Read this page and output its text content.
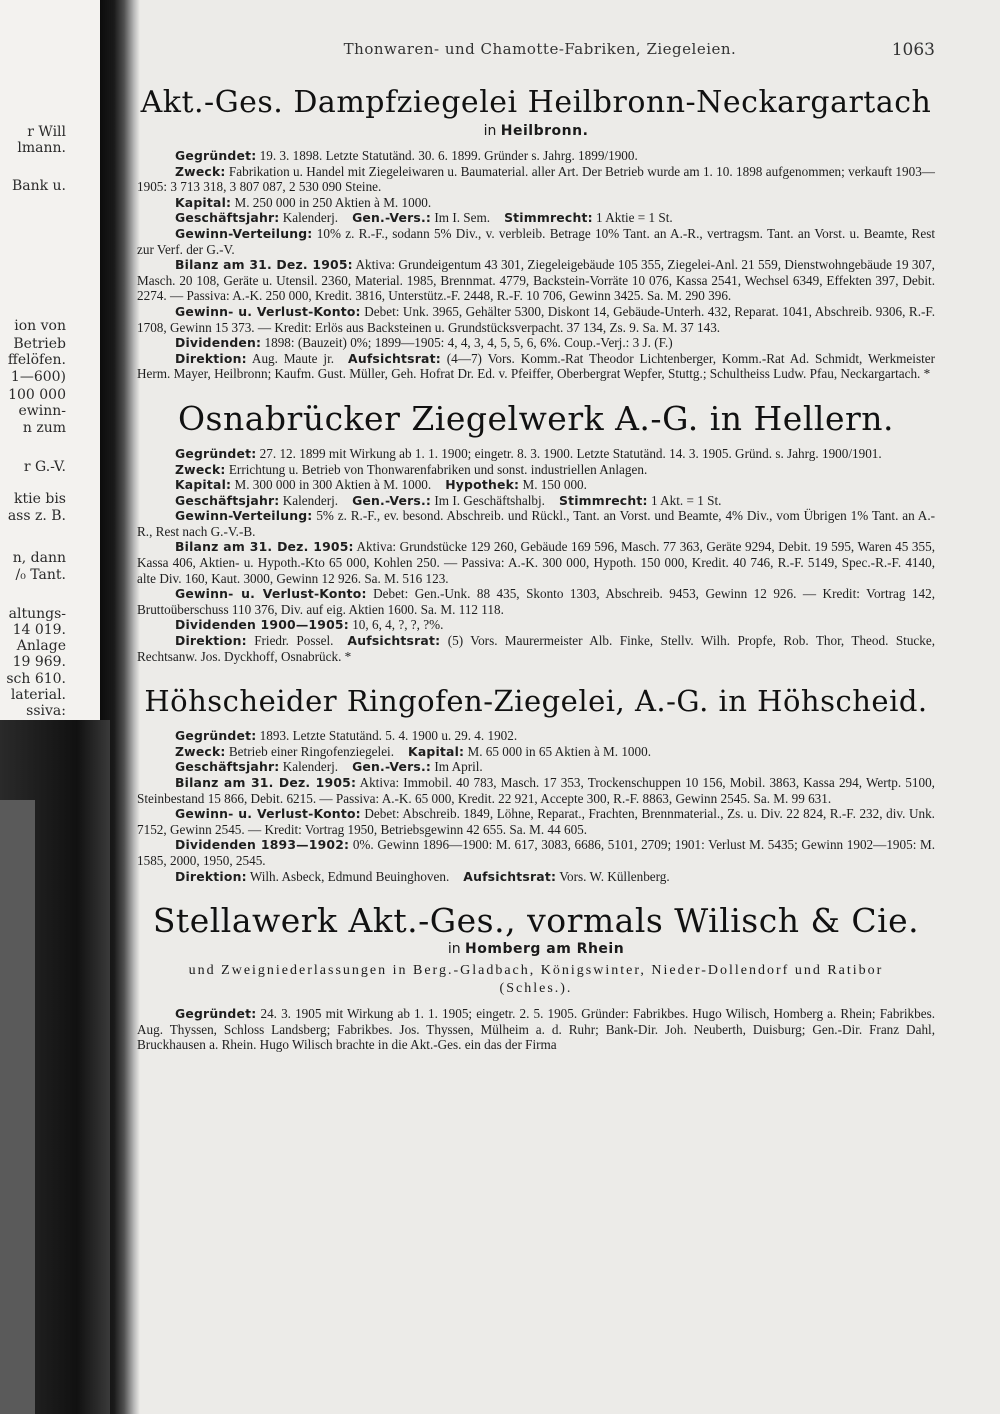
r Will
lmann.
Bank u.
ion von
Betrieb
ffelöfen.
1—600)
100 000
ewinn-
n zum
r G.-V.
ktie bis
ass z. B.
n, dann
/₀ Tant.
altungs-
14 019.
Anlage
19 969.
sch 610.
laterial.
ssiva:
Thonwaren- und Chamotte-Fabriken, Ziegeleien.	1063
Akt.-Ges. Dampfziegelei Heilbronn-Neckargartach
in Heilbronn.

Gegründet: 19. 3. 1898. Letzte Statutänd. 30. 6. 1899. Gründer s. Jahrg. 1899/1900.

Zweck: Fabrikation u. Handel mit Ziegeleiwaren u. Baumaterial. aller Art. Der Betrieb wurde am 1. 10. 1898 aufgenommen; verkauft 1903—1905: 3 713 318, 3 807 087, 2 530 090 Steine.

Kapital: M. 250 000 in 250 Aktien à M. 1000.

Geschäftsjahr: Kalenderj. Gen.-Vers.: Im I. Sem. Stimmrecht: 1 Aktie = 1 St.

Gewinn-Verteilung: 10% z. R.-F., sodann 5% Div., v. verbleib. Betrage 10% Tant. an A.-R., vertragsm. Tant. an Vorst. u. Beamte, Rest zur Verf. der G.-V.

Bilanz am 31. Dez. 1905: Aktiva: Grundeigentum 43 301, Ziegeleigebäude 105 355, Ziegelei-Anl. 21 559, Dienstwohngebäude 19 307, Masch. 20 108, Geräte u. Utensil. 2360, Material. 1985, Brennmat. 4779, Backstein-Vorräte 10 076, Kassa 2541, Wechsel 6349, Effekten 397, Debit. 2274. — Passiva: A.-K. 250 000, Kredit. 3816, Unterstütz.-F. 2448, R.-F. 10 706, Gewinn 3425. Sa. M. 290 396.

Gewinn- u. Verlust-Konto: Debet: Unk. 3965, Gehälter 5300, Diskont 14, Gebäude-Unterh. 432, Reparat. 1041, Abschreib. 9306, R.-F. 1708, Gewinn 15 373. — Kredit: Erlös aus Backsteinen u. Grundstücksverpacht. 37 134, Zs. 9. Sa. M. 37 143.

Dividenden: 1898: (Bauzeit) 0%; 1899—1905: 4, 4, 3, 4, 5, 5, 6, 6%. Coup.-Verj.: 3 J. (F.)

Direktion: Aug. Maute jr. Aufsichtsrat: (4—7) Vors. Komm.-Rat Theodor Lichtenberger, Komm.-Rat Ad. Schmidt, Werkmeister Herm. Mayer, Heilbronn; Kaufm. Gust. Müller, Geh. Hofrat Dr. Ed. v. Pfeiffer, Oberbergrat Wepfer, Stuttg.; Schultheiss Ludw. Pfau, Neckargartach. *

Osnabrücker Ziegelwerk A.-G. in Hellern.

Gegründet: 27. 12. 1899 mit Wirkung ab 1. 1. 1900; eingetr. 8. 3. 1900. Letzte Statutänd. 14. 3. 1905. Gründ. s. Jahrg. 1900/1901.

Zweck: Errichtung u. Betrieb von Thonwarenfabriken und sonst. industriellen Anlagen.

Kapital: M. 300 000 in 300 Aktien à M. 1000. Hypothek: M. 150 000.

Geschäftsjahr: Kalenderj. Gen.-Vers.: Im I. Geschäftshalbj. Stimmrecht: 1 Akt. = 1 St.

Gewinn-Verteilung: 5% z. R.-F., ev. besond. Abschreib. und Rückl., Tant. an Vorst. und Beamte, 4% Div., vom Übrigen 1% Tant. an A.-R., Rest nach G.-V.-B.

Bilanz am 31. Dez. 1905: Aktiva: Grundstücke 129 260, Gebäude 169 596, Masch. 77 363, Geräte 9294, Debit. 19 595, Waren 45 355, Kassa 406, Aktien- u. Hypoth.-Kto 65 000, Kohlen 250. — Passiva: A.-K. 300 000, Hypoth. 150 000, Kredit. 40 746, R.-F. 5149, Spec.-R.-F. 4140, alte Div. 160, Kaut. 3000, Gewinn 12 926. Sa. M. 516 123.

Gewinn- u. Verlust-Konto: Debet: Gen.-Unk. 88 435, Skonto 1303, Abschreib. 9453, Gewinn 12 926. — Kredit: Vortrag 142, Bruttoüberschuss 110 376, Div. auf eig. Aktien 1600. Sa. M. 112 118.

Dividenden 1900—1905: 10, 6, 4, ?, ?, ?%.

Direktion: Friedr. Possel. Aufsichtsrat: (5) Vors. Maurermeister Alb. Finke, Stellv. Wilh. Propfe, Rob. Thor, Theod. Stucke, Rechtsanw. Jos. Dyckhoff, Osnabrück. *

Höhscheider Ringofen-Ziegelei, A.-G. in Höhscheid.

Gegründet: 1893. Letzte Statutänd. 5. 4. 1900 u. 29. 4. 1902.

Zweck: Betrieb einer Ringofenziegelei. Kapital: M. 65 000 in 65 Aktien à M. 1000.

Geschäftsjahr: Kalenderj. Gen.-Vers.: Im April.

Bilanz am 31. Dez. 1905: Aktiva: Immobil. 40 783, Masch. 17 353, Trockenschuppen 10 156, Mobil. 3863, Kassa 294, Wertp. 5100, Steinbestand 15 866, Debit. 6215. — Passiva: A.-K. 65 000, Kredit. 22 921, Accepte 300, R.-F. 8863, Gewinn 2545. Sa. M. 99 631.

Gewinn- u. Verlust-Konto: Debet: Abschreib. 1849, Löhne, Reparat., Frachten, Brennmaterial., Zs. u. Div. 22 824, R.-F. 232, div. Unk. 7152, Gewinn 2545. — Kredit: Vortrag 1950, Betriebsgewinn 42 655. Sa. M. 44 605.

Dividenden 1893—1902: 0%. Gewinn 1896—1900: M. 617, 3083, 6686, 5101, 2709; 1901: Verlust M. 5435; Gewinn 1902—1905: M. 1585, 2000, 1950, 2545.

Direktion: Wilh. Asbeck, Edmund Beuinghoven. Aufsichtsrat: Vors. W. Küllenberg.

Stellawerk Akt.-Ges., vormals Wilisch & Cie.
in Homberg am Rhein
und Zweigniederlassungen in Berg.-Gladbach, Königswinter, Nieder-Dollendorf und Ratibor (Schles.).

Gegründet: 24. 3. 1905 mit Wirkung ab 1. 1. 1905; eingetr. 2. 5. 1905. Gründer: Fabrikbes. Hugo Wilisch, Homberg a. Rhein; Fabrikbes. Aug. Thyssen, Schloss Landsberg; Fabrikbes. Jos. Thyssen, Mülheim a. d. Ruhr; Bank-Dir. Joh. Neuberth, Duisburg; Gen.-Dir. Franz Dahl, Bruckhausen a. Rhein. Hugo Wilisch brachte in die Akt.-Ges. ein das der Firma
